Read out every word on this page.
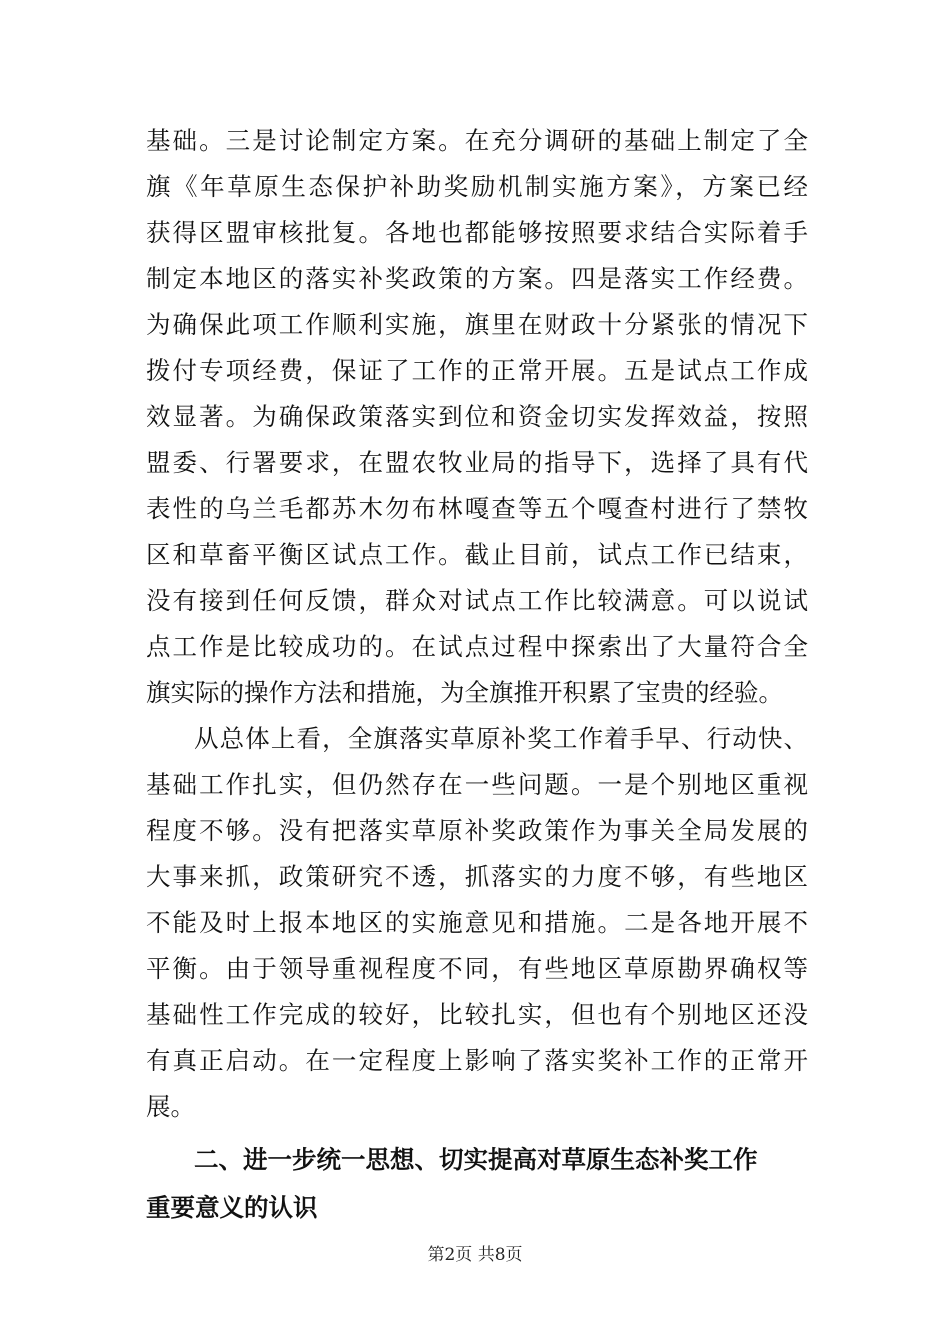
基础。三是讨论制定方案。在充分调研的基础上制定了全
旗《年草原生态保护补助奖励机制实施方案》，方案已经
获得区盟审核批复。各地也都能够按照要求结合实际着手
制定本地区的落实补奖政策的方案。四是落实工作经费。
为确保此项工作顺利实施，旗里在财政十分紧张的情况下
拨付专项经费，保证了工作的正常开展。五是试点工作成
效显著。为确保政策落实到位和资金切实发挥效益，按照
盟委、行署要求，在盟农牧业局的指导下，选择了具有代
表性的乌兰毛都苏木勿布林嘎查等五个嘎查村进行了禁牧
区和草畜平衡区试点工作。截止目前，试点工作已结束，
没有接到任何反馈，群众对试点工作比较满意。可以说试
点工作是比较成功的。在试点过程中探索出了大量符合全
旗实际的操作方法和措施，为全旗推开积累了宝贵的经验。
从总体上看，全旗落实草原补奖工作着手早、行动快、
基础工作扎实，但仍然存在一些问题。一是个别地区重视
程度不够。没有把落实草原补奖政策作为事关全局发展的
大事来抓，政策研究不透，抓落实的力度不够，有些地区
不能及时上报本地区的实施意见和措施。二是各地开展不
平衡。由于领导重视程度不同，有些地区草原勘界确权等
基础性工作完成的较好，比较扎实，但也有个别地区还没
有真正启动。在一定程度上影响了落实奖补工作的正常开
展。
二、进一步统一思想、切实提高对草原生态补奖工作
重要意义的认识
第2页 共8页
